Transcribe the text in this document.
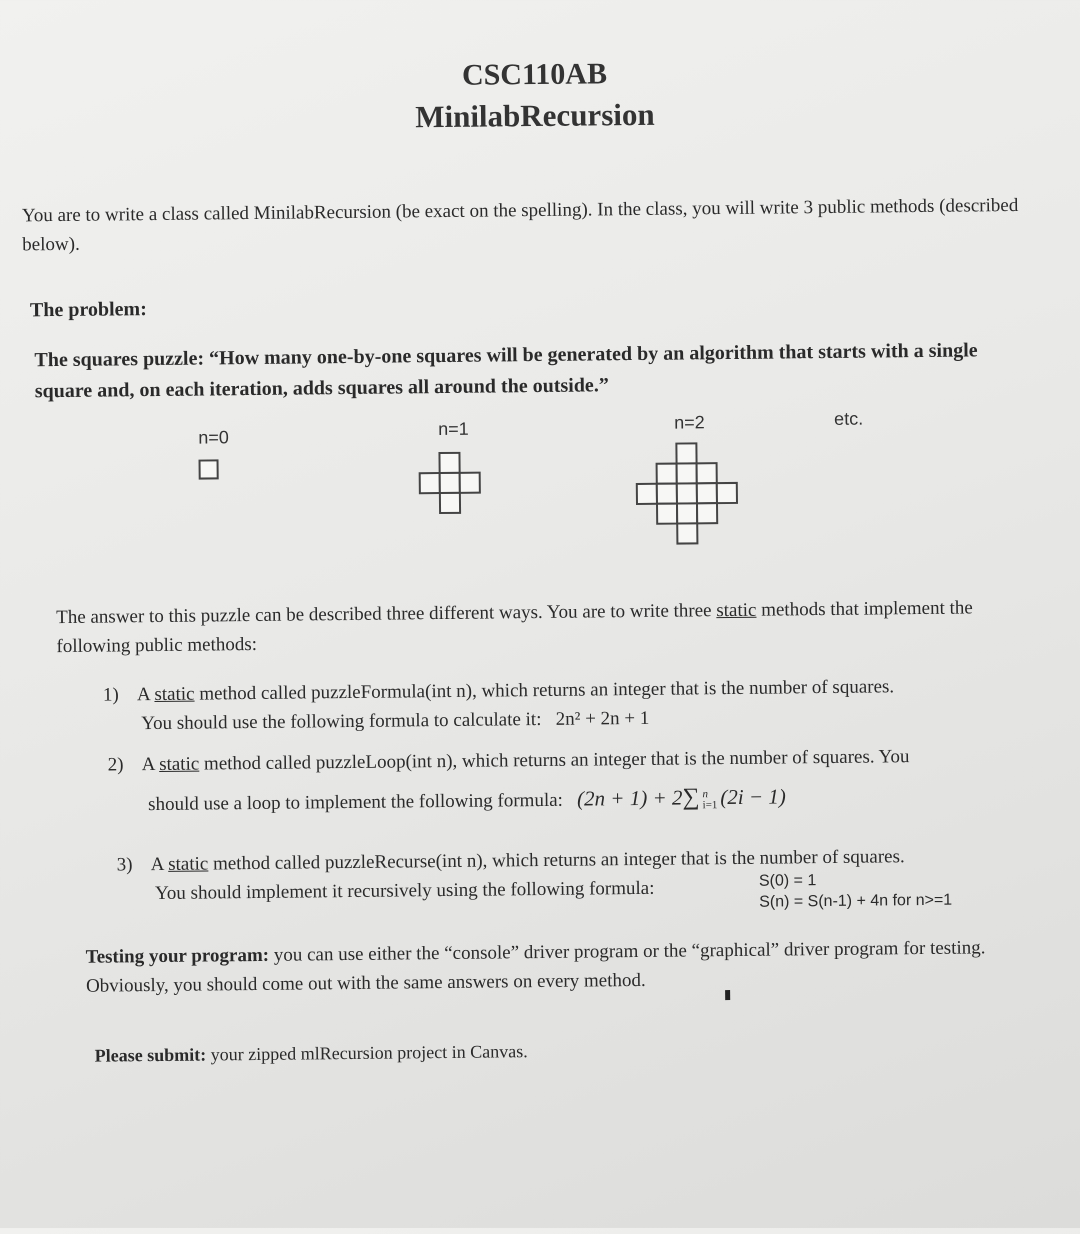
CSC110AB
MinilabRecursion
You are to write a class called MinilabRecursion (be exact on the spelling). In the class, you will write 3 public methods (described below).
The problem:
The squares puzzle: “How many one-by-one squares will be generated by an algorithm that starts with a single square and, on each iteration, adds squares all around the outside.”
n=0	n=1	n=2	etc.
The answer to this puzzle can be described three different ways. You are to write three static methods that implement the following public methods:
1) A static method called puzzleFormula(int n), which returns an integer that is the number of squares.
You should use the following formula to calculate it: 2n² + 2n + 1
2) A static method called puzzleLoop(int n), which returns an integer that is the number of squares. You
should use a loop to implement the following formula: (2n + 1) + 2∑ n
i=1 (2i − 1)
3) A static method called puzzleRecurse(int n), which returns an integer that is the number of squares.
You should implement it recursively using the following formula:	S(0) = 1
S(n) = S(n-1) + 4n for n>=1
Testing your program: you can use either the “console” driver program or the “graphical” driver program for testing. Obviously, you should come out with the same answers on every method.
Please submit: your zipped mlRecursion project in Canvas.
